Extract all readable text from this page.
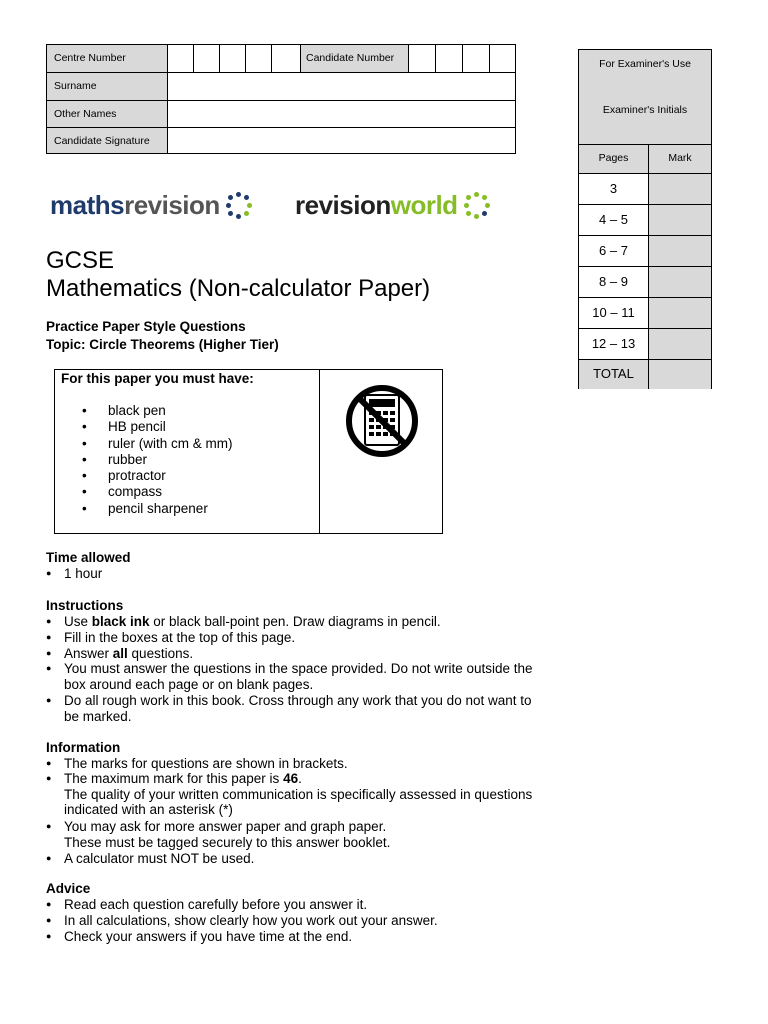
Centre Number	Candidate Number
Surname
Other Names
Candidate Signature
For Examiner's Use
Examiner's Initials
Pages	Mark
3
4 – 5
6 – 7
8 – 9
10 – 11
12 – 13
TOTAL
mathsrevision	revisionworld
GCSE
Mathematics (Non-calculator Paper)
Practice Paper Style Questions
Topic: Circle Theorems (Higher Tier)
For this paper you must have:
• black pen
• HB pencil
• ruler (with cm & mm)
• rubber
• protractor
• compass
• pencil sharpener
Time allowed
● 1 hour
Instructions
● Use black ink or black ball-point pen. Draw diagrams in pencil.
● Fill in the boxes at the top of this page.
● Answer all questions.
● You must answer the questions in the space provided. Do not write outside the
box around each page or on blank pages.
● Do all rough work in this book. Cross through any work that you do not want to
be marked.
Information
● The marks for questions are shown in brackets.
● The maximum mark for this paper is 46.
The quality of your written communication is specifically assessed in questions
indicated with an asterisk (*)
● You may ask for more answer paper and graph paper.
These must be tagged securely to this answer booklet.
● A calculator must NOT be used.
Advice
● Read each question carefully before you answer it.
● In all calculations, show clearly how you work out your answer.
● Check your answers if you have time at the end.
